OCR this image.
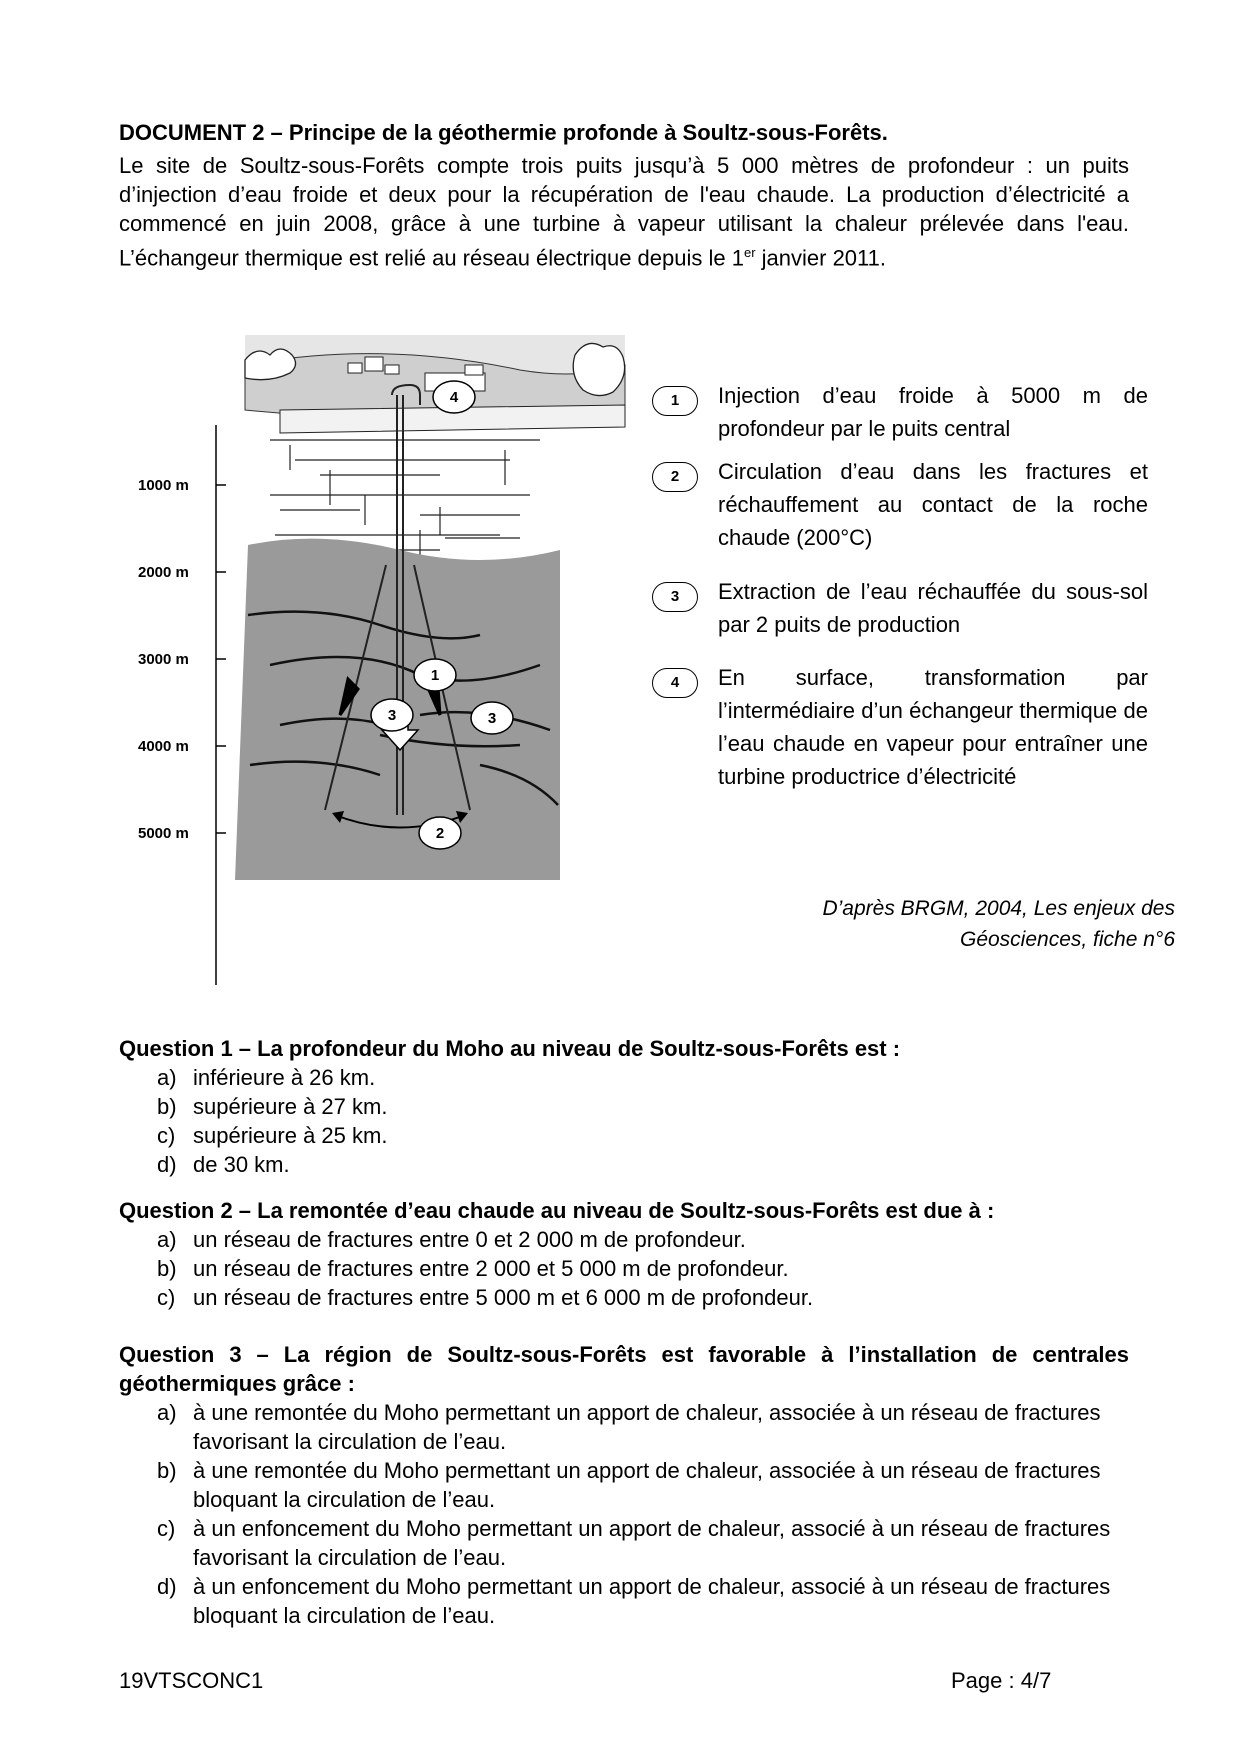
DOCUMENT 2 – Principe de la géothermie profonde à Soultz-sous-Forêts.
Le site de Soultz-sous-Forêts compte trois puits jusqu’à 5 000 mètres de profondeur : un puits d’injection d’eau froide et deux pour la récupération de l'eau chaude. La production d’électricité a commencé en juin 2008, grâce à une turbine à vapeur utilisant la chaleur prélevée dans l'eau. L’échangeur thermique est relié au réseau électrique depuis le 1er janvier 2011.
1000 m
2000 m
3000 m
4000 m
5000 m
4
1
3	3
2
1	Injection d’eau froide à 5000 m de profondeur par le puits central
2	Circulation d’eau dans les fractures et réchauffement au contact de la roche chaude (200°C)
3	Extraction de l’eau réchauffée du sous-sol par 2 puits de production
4	En surface, transformation par l’intermédiaire d’un échangeur thermique de l’eau chaude en vapeur pour entraîner une turbine productrice d’électricité
D’après BRGM, 2004, Les enjeux des
Géosciences, fiche n°6
Question 1 – La profondeur du Moho au niveau de Soultz-sous-Forêts est :
a) inférieure à 26 km.
b) supérieure à 27 km.
c) supérieure à 25 km.
d) de 30 km.
Question 2 – La remontée d’eau chaude au niveau de Soultz-sous-Forêts est due à :
a) un réseau de fractures entre 0 et 2 000 m de profondeur.
b) un réseau de fractures entre 2 000 et 5 000 m de profondeur.
c) un réseau de fractures entre 5 000 m et 6 000 m de profondeur.
Question 3 – La région de Soultz-sous-Forêts est favorable à l’installation de centrales géothermiques grâce :
a) à une remontée du Moho permettant un apport de chaleur, associée à un réseau de fractures favorisant la circulation de l’eau.
b) à une remontée du Moho permettant un apport de chaleur, associée à un réseau de fractures bloquant la circulation de l’eau.
c) à un enfoncement du Moho permettant un apport de chaleur, associé à un réseau de fractures favorisant la circulation de l’eau.
d) à un enfoncement du Moho permettant un apport de chaleur, associé à un réseau de fractures bloquant la circulation de l’eau.
19VTSCONC1	Page : 4/7
